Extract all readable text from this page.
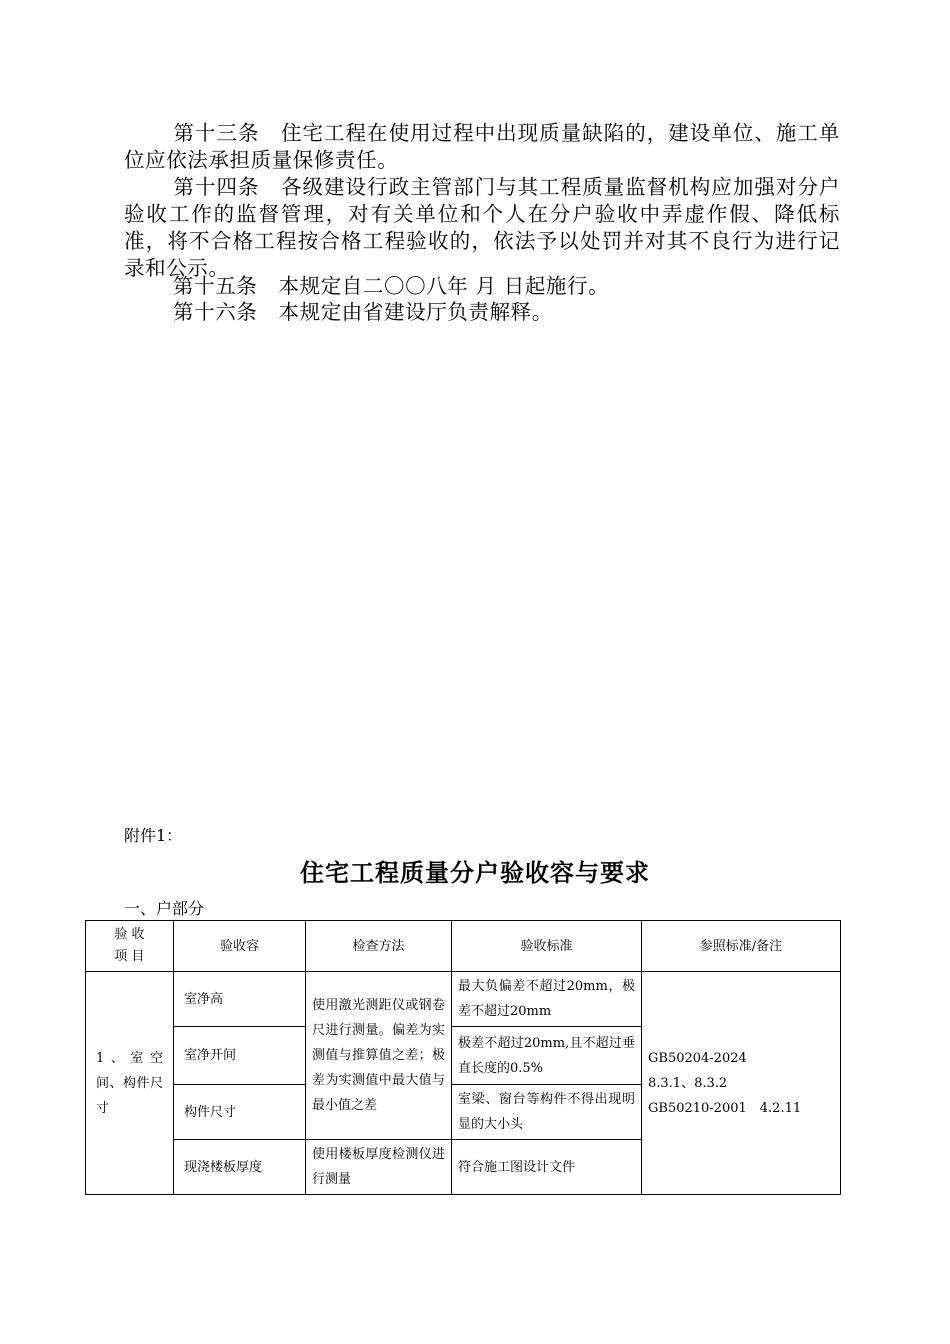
第十三条　住宅工程在使用过程中出现质量缺陷的，建设单位、施工单位应依法承担质量保修责任。

第十四条　各级建设行政主管部门与其工程质量监督机构应加强对分户验收工作的监督管理，对有关单位和个人在分户验收中弄虚作假、降低标准，将不合格工程按合格工程验收的，依法予以处罚并对其不良行为进行记录和公示。

第十五条　本规定自二〇〇八年 月 日起施行。

第十六条　本规定由省建设厅负责解释。

附件1：
住宅工程质量分户验收容与要求
一、户部分
验 收
项 目	验收容	检查方法	验收标准	参照标准/备注
1、室空间、构件尺寸	室净高	使用激光测距仪或钢卷尺进行测量。偏差为实测值与推算值之差；极差为实测值中最大值与最小值之差	最大负偏差不超过20mm，极差不超过20mm	GB50204-2024
8.3.1、8.3.2
GB50210-2001　4.2.11

	室净开间		极差不超过20mm,且不超过垂直长度的0.5%	
	构件尺寸		室梁、窗台等构件不得出现明显的大小头	
	现浇楼板厚度	使用楼板厚度检测仪进行测量	符合施工图设计文件	
